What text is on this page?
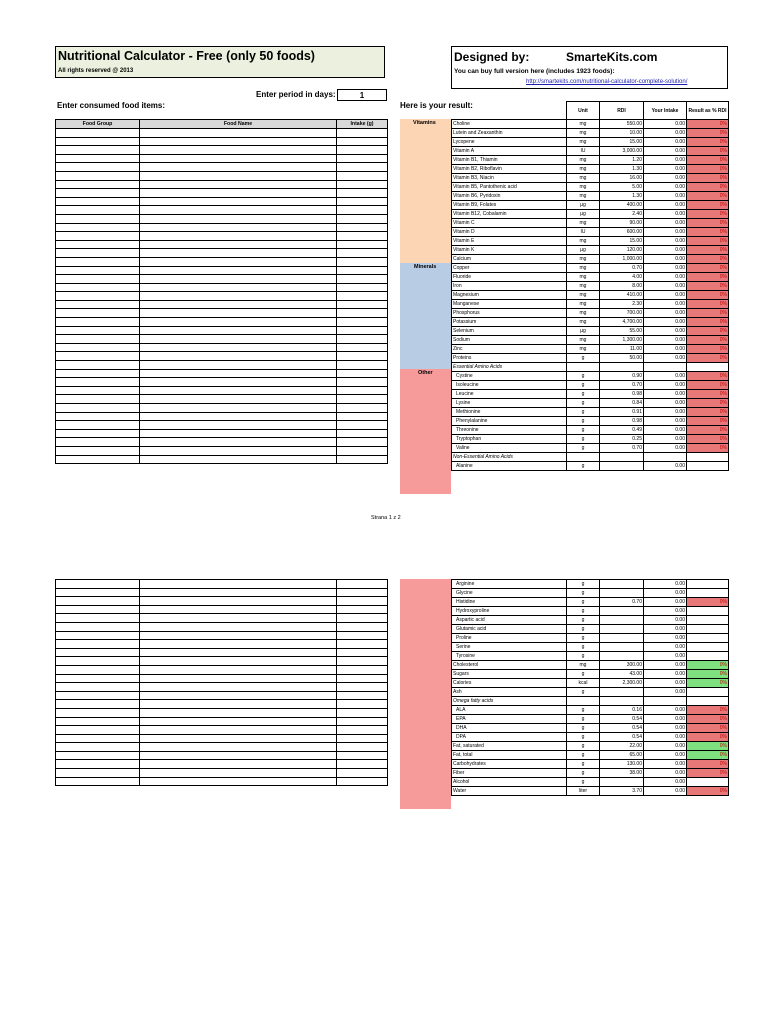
Nutritional Calculator - Free (only 50 foods)
All rights reserved @ 2013
Designed by:	SmarteKits.com
You can buy full version here (includes 1923 foods):
http://smartekits.com/nutritional-calculator-complete-solution/
Enter period in days:	1
Enter consumed food items:	Here is your result:
Food Group	Food Name	Intake (g)

			Vitamins
Minerals
Other
Unit	RDI	Your Intake	Result as % RDI
Choline	mg	550.00	0.00	0%
Lutein and Zeaxanthin	mg	10.00	0.00	0%
Lycopene	mg	15.00	0.00	0%
Vitamin A	IU	3,000.00	0.00	0%
Vitamin B1, Thiamin	mg	1.20	0.00	0%
Vitamin B2, Riboflavin	mg	1.30	0.00	0%
Vitamin B3, Niacin	mg	16.00	0.00	0%
Vitamin B5, Pantothenic acid	mg	5.00	0.00	0%
Vitamin B6, Pyridoxin	mg	1.30	0.00	0%
Vitamin B9, Folates	µg	400.00	0.00	0%
Vitamin B12, Cobalamin	µg	2.40	0.00	0%
Vitamin C	mg	90.00	0.00	0%
Vitamin D	IU	600.00	0.00	0%
Vitamin E	mg	15.00	0.00	0%
Vitamin K	µg	120.00	0.00	0%
Calcium	mg	1,000.00	0.00	0%
Copper	mg	0.70	0.00	0%
Fluoride	mg	4.00	0.00	0%
Iron	mg	8.00	0.00	0%
Magnesium	mg	410.00	0.00	0%
Manganese	mg	2.30	0.00	0%
Phosphorus	mg	700.00	0.00	0%
Potassium	mg	4,700.00	0.00	0%
Selenium	µg	55.00	0.00	0%
Sodium	mg	1,300.00	0.00	0%
Zinc	mg	11.00	0.00	0%
Proteins	g	50.00	0.00	0%
Essential Amino Acids				
Cystine	g	0.90	0.00	0%
Isoleucine	g	0.70	0.00	0%
Leucine	g	0.98	0.00	0%
Lysine	g	0.84	0.00	0%
Methionine	g	0.91	0.00	0%
Phenylalanine	g	0.98	0.00	0%
Threonine	g	0.49	0.00	0%
Tryptophan	g	0.25	0.00	0%
Valine	g	0.70	0.00	0%
Non-Essential Amino Acids				
Alanine	g		0.00	
Strana 1 z 2
Arginine	g		0.00	
Glycine	g		0.00	
Histidine	g	0.70	0.00	0%
Hydroxyproline	g		0.00	
Aspartic acid	g		0.00	
Glutamic acid	g		0.00	
Proline	g		0.00	
Serine	g		0.00	
Tyrosine	g		0.00	
Cholesterol	mg	300.00	0.00	0%
Sugars	g	43.00	0.00	0%
Calories	kcal	2,300.00	0.00	0%
Ash	g		0.00	
Omega fatty acids				
ALA	g	0.16	0.00	0%
EPA	g	0.54	0.00	0%
DHA	g	0.54	0.00	0%
DPA	g	0.54	0.00	0%
Fat, saturated	g	22.00	0.00	0%
Fat, total	g	65.00	0.00	0%
Carbohydrates	g	130.00	0.00	0%
Fiber	g	38.00	0.00	0%
Alcohol	g		0.00	
Water	liter	3.70	0.00	0%
